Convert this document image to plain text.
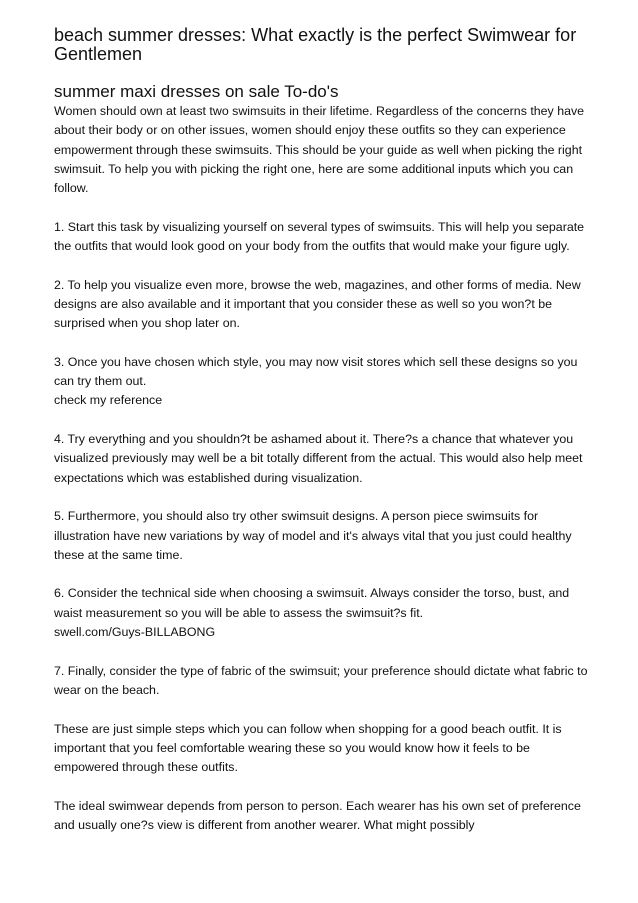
beach summer dresses: What exactly is the perfect Swimwear for Gentlemen
summer maxi dresses on sale To-do's

Women should own at least two swimsuits in their lifetime. Regardless of the concerns they have about their body or on other issues, women should enjoy these outfits so they can experience empowerment through these swimsuits. This should be your guide as well when picking the right swimsuit. To help you with picking the right one, here are some additional inputs which you can follow.

1. Start this task by visualizing yourself on several types of swimsuits. This will help you separate the outfits that would look good on your body from the outfits that would make your figure ugly.

2. To help you visualize even more, browse the web, magazines, and other forms of media. New designs are also available and it important that you consider these as well so you won?t be surprised when you shop later on.

3. Once you have chosen which style, you may now visit stores which sell these designs so you can try them out.

check my reference

4. Try everything and you shouldn?t be ashamed about it. There?s a chance that whatever you visualized previously may well be a bit totally different from the actual. This would also help meet expectations which was established during visualization.

5. Furthermore, you should also try other swimsuit designs. A person piece swimsuits for illustration have new variations by way of model and it's always vital that you just could healthy these at the same time.

6. Consider the technical side when choosing a swimsuit. Always consider the torso, bust, and waist measurement so you will be able to assess the swimsuit?s fit.

swell.com/Guys-BILLABONG

7. Finally, consider the type of fabric of the swimsuit; your preference should dictate what fabric to wear on the beach.

These are just simple steps which you can follow when shopping for a good beach outfit. It is important that you feel comfortable wearing these so you would know how it feels to be empowered through these outfits.

The ideal swimwear depends from person to person. Each wearer has his own set of preference and usually one?s view is different from another wearer. What might possibly
